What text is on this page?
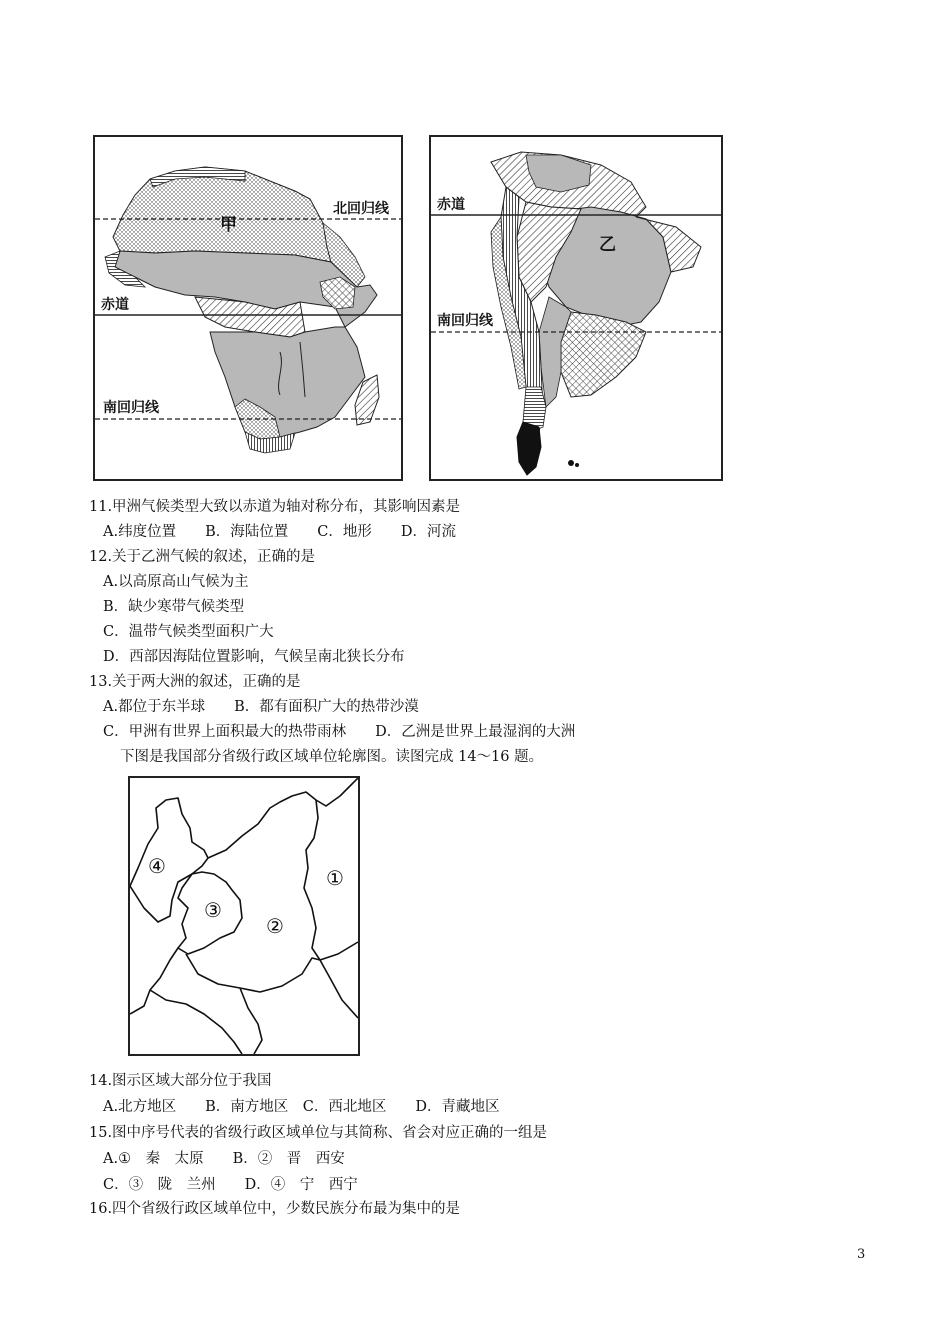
甲
北回归线
赤道
南回归线
乙
赤道
南回归线
11.甲洲气候类型大致以赤道为轴对称分布，其影响因素是
A.纬度位置　　B．海陆位置　　C．地形　　D．河流
12.关于乙洲气候的叙述，正确的是
A.以高原高山气候为主
B．缺少寒带气候类型
C．温带气候类型面积广大
D．西部因海陆位置影响，气候呈南北狭长分布
13.关于两大洲的叙述，正确的是
A.都位于东半球　　B．都有面积广大的热带沙漠
C．甲洲有世界上面积最大的热带雨林　　D．乙洲是世界上最湿润的大洲
下图是我国部分省级行政区域单位轮廓图。读图完成 14～16 题。
④
③
②
①
14.图示区域大部分位于我国
A.北方地区　　B．南方地区　C．西北地区　　D．青藏地区
15.图中序号代表的省级行政区域单位与其简称、省会对应正确的一组是
A.①　秦　太原　　B．②　晋　西安
C．③　陇　兰州　　D．④　宁　西宁
16.四个省级行政区域单位中，少数民族分布最为集中的是
3
